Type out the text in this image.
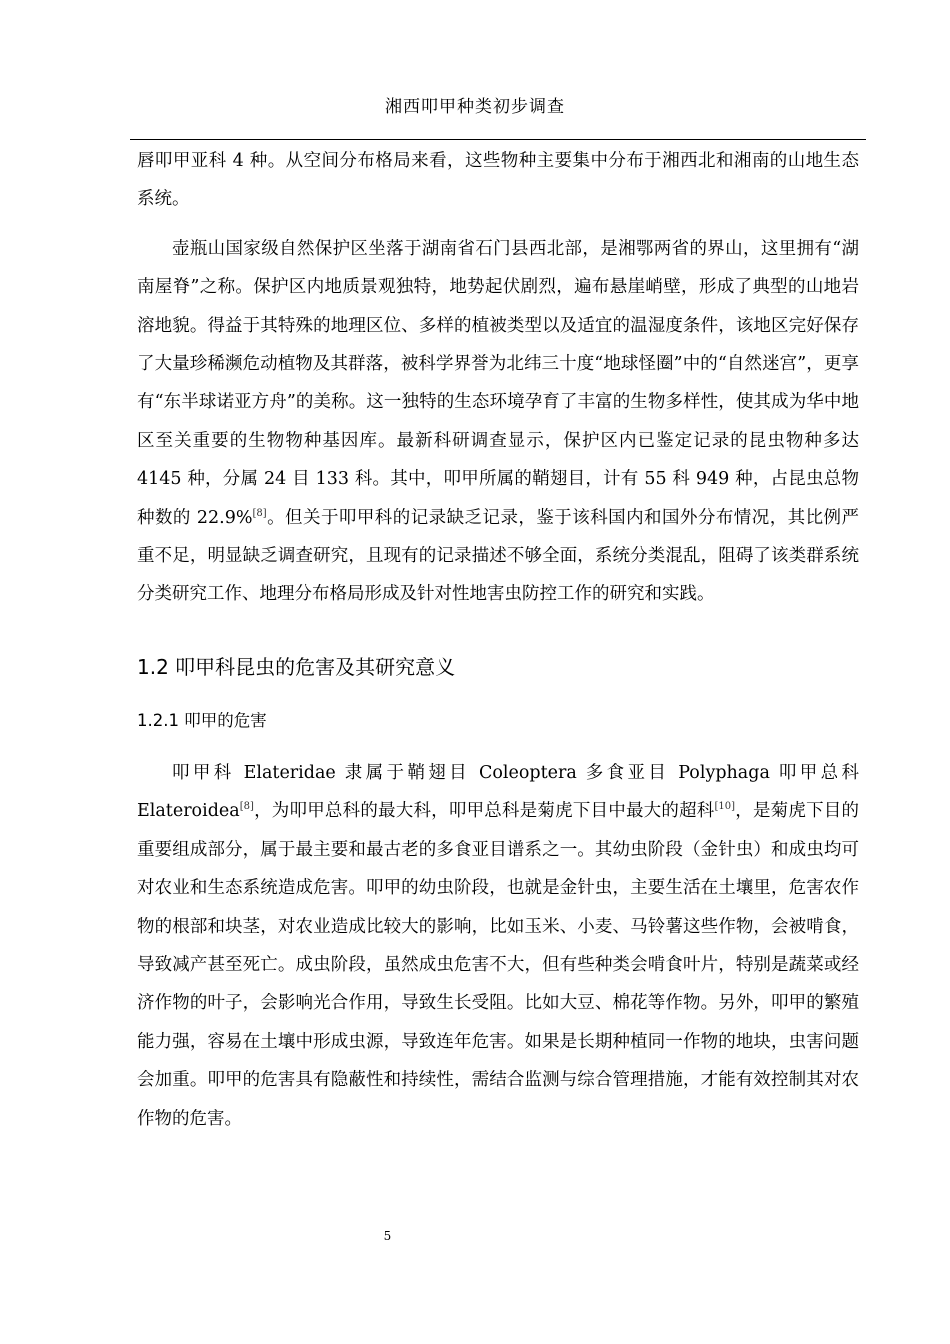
湘西叩甲种类初步调查

唇叩甲亚科 4 种。从空间分布格局来看，这些物种主要集中分布于湘西北和湘南的山地生态系统。

壶瓶山国家级自然保护区坐落于湖南省石门县西北部，是湘鄂两省的界山，这里拥有“湖南屋脊”之称。保护区内地质景观独特，地势起伏剧烈，遍布悬崖峭壁，形成了典型的山地岩溶地貌。得益于其特殊的地理区位、多样的植被类型以及适宜的温湿度条件，该地区完好保存了大量珍稀濒危动植物及其群落，被科学界誉为北纬三十度“地球怪圈”中的“自然迷宫”，更享有“东半球诺亚方舟”的美称。这一独特的生态环境孕育了丰富的生物多样性，使其成为华中地区至关重要的生物物种基因库。最新科研调查显示，保护区内已鉴定记录的昆虫物种多达 4145 种，分属 24 目 133 科。其中，叩甲所属的鞘翅目，计有 55 科 949 种，占昆虫总物种数的 22.9%[8]。但关于叩甲科的记录缺乏记录，鉴于该科国内和国外分布情况，其比例严重不足，明显缺乏调查研究，且现有的记录描述不够全面，系统分类混乱，阻碍了该类群系统分类研究工作、地理分布格局形成及针对性地害虫防控工作的研究和实践。

1.2 叩甲科昆虫的危害及其研究意义
1.2.1 叩甲的危害

叩甲科 Elateridae 隶属于鞘翅目 Coleoptera 多食亚目 Polyphaga 叩甲总科 Elateroidea[8]，为叩甲总科的最大科，叩甲总科是菊虎下目中最大的超科[10]，是菊虎下目的重要组成部分，属于最主要和最古老的多食亚目谱系之一。其幼虫阶段（金针虫）和成虫均可对农业和生态系统造成危害。叩甲的幼虫阶段，也就是金针虫，主要生活在土壤里，危害农作物的根部和块茎，对农业造成比较大的影响，比如玉米、小麦、马铃薯这些作物，会被啃食，导致减产甚至死亡。成虫阶段，虽然成虫危害不大，但有些种类会啃食叶片，特别是蔬菜或经济作物的叶子，会影响光合作用，导致生长受阻。比如大豆、棉花等作物。另外，叩甲的繁殖能力强，容易在土壤中形成虫源，导致连年危害。如果是长期种植同一作物的地块，虫害问题会加重。叩甲的危害具有隐蔽性和持续性，需结合监测与综合管理措施，才能有效控制其对农作物的危害。

5
